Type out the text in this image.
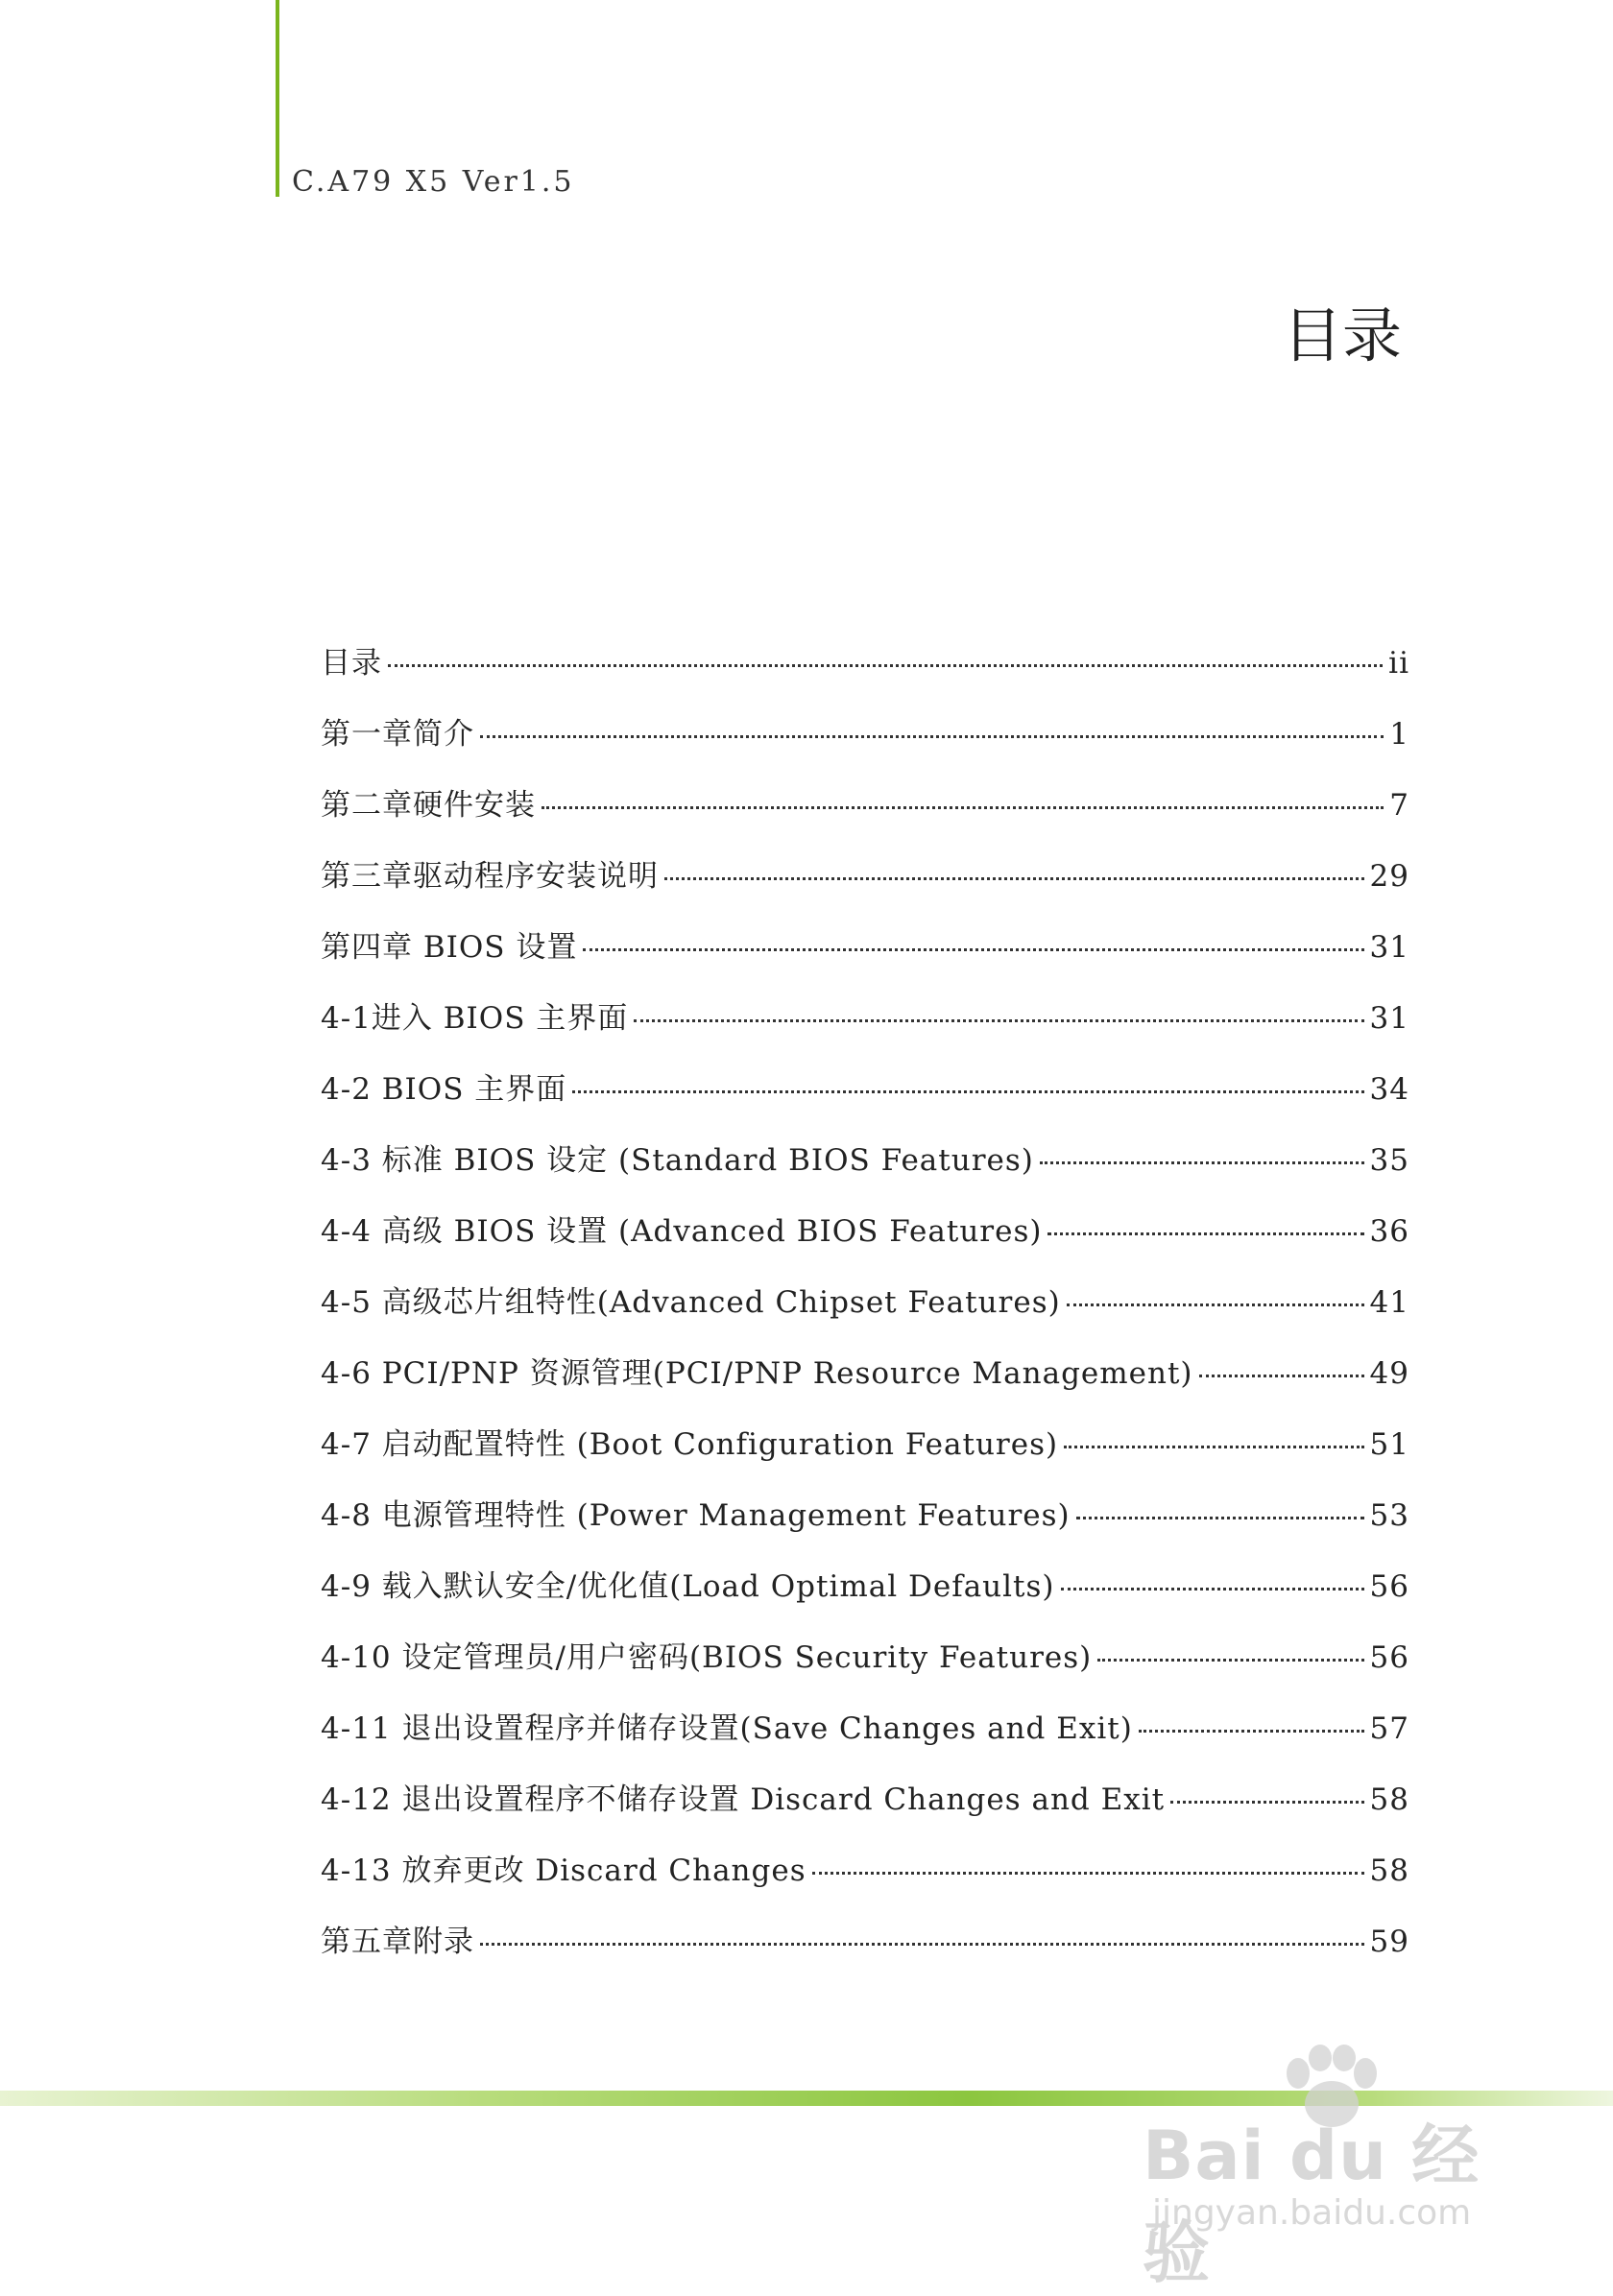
C.A79 X5 Ver1.5
目录
目录	ii
第一章简介	1
第二章硬件安装	7
第三章驱动程序安装说明	29
第四章 BIOS 设置	31
4-1进入 BIOS 主界面	31
4-2 BIOS 主界面	34
4-3 标准 BIOS 设定 (Standard BIOS Features)	35
4-4 高级 BIOS 设置 (Advanced BIOS Features)	36
4-5 高级芯片组特性(Advanced Chipset Features)	41
4-6 PCI/PNP 资源管理(PCI/PNP Resource Management)	49
4-7 启动配置特性 (Boot Configuration Features)	51
4-8 电源管理特性 (Power Management Features)	53
4-9 载入默认安全/优化值(Load Optimal Defaults)	56
4-10 设定管理员/用户密码(BIOS Security Features)	56
4-11 退出设置程序并储存设置(Save Changes and Exit)	57
4-12 退出设置程序不储存设置 Discard Changes and Exit	58
4-13 放弃更改 Discard Changes	58
第五章附录	59
Bai du 经验
jingyan.baidu.com
